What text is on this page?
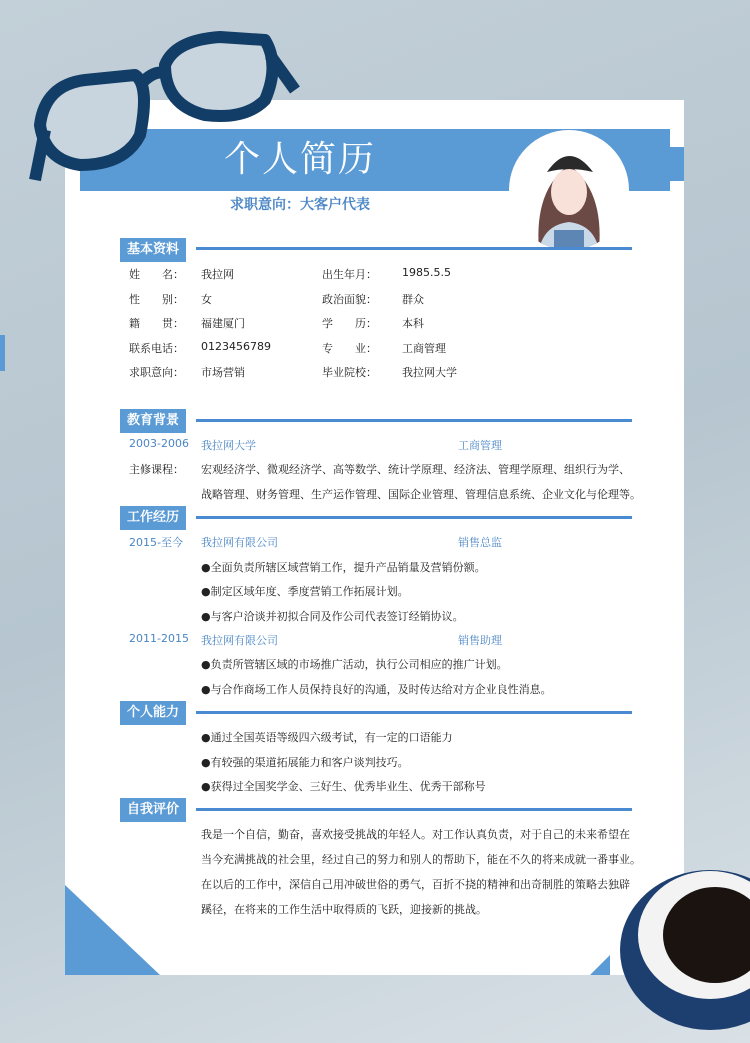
个人简历
求职意向：大客户代表
基本资料
姓　　名： 我拉网	出生年月： 1985.5.5
性　　别： 女	政治面貌： 群众
籍　　贯： 福建厦门	学　　历： 本科
联系电话： 0123456789	专　　业： 工商管理
求职意向： 市场营销	毕业院校： 我拉网大学
教育背景
2003-2006 我拉网大学	工商管理
主修课程： 宏观经济学、微观经济学、高等数学、统计学原理、经济法、管理学原理、组织行为学、
战略管理、财务管理、生产运作管理、国际企业管理、管理信息系统、企业文化与伦理等。
工作经历
2015-至今 我拉网有限公司	销售总监
●全面负责所辖区域营销工作，提升产品销量及营销份额。
●制定区域年度、季度营销工作拓展计划。
●与客户洽谈并初拟合同及作公司代表签订经销协议。
2011-2015 我拉网有限公司	销售助理
●负责所管辖区域的市场推广活动，执行公司相应的推广计划。
●与合作商场工作人员保持良好的沟通，及时传达给对方企业良性消息。
个人能力
●通过全国英语等级四六级考试，有一定的口语能力
●有较强的渠道拓展能力和客户谈判技巧。
●获得过全国奖学金、三好生、优秀毕业生、优秀干部称号
自我评价
我是一个自信，勤奋，喜欢接受挑战的年轻人。对工作认真负责，对于自己的未来希望在
当今充满挑战的社会里，经过自己的努力和别人的帮助下，能在不久的将来成就一番事业。
在以后的工作中，深信自己用冲破世俗的勇气，百折不挠的精神和出奇制胜的策略去独辟
蹊径，在将来的工作生活中取得质的飞跃，迎接新的挑战。
